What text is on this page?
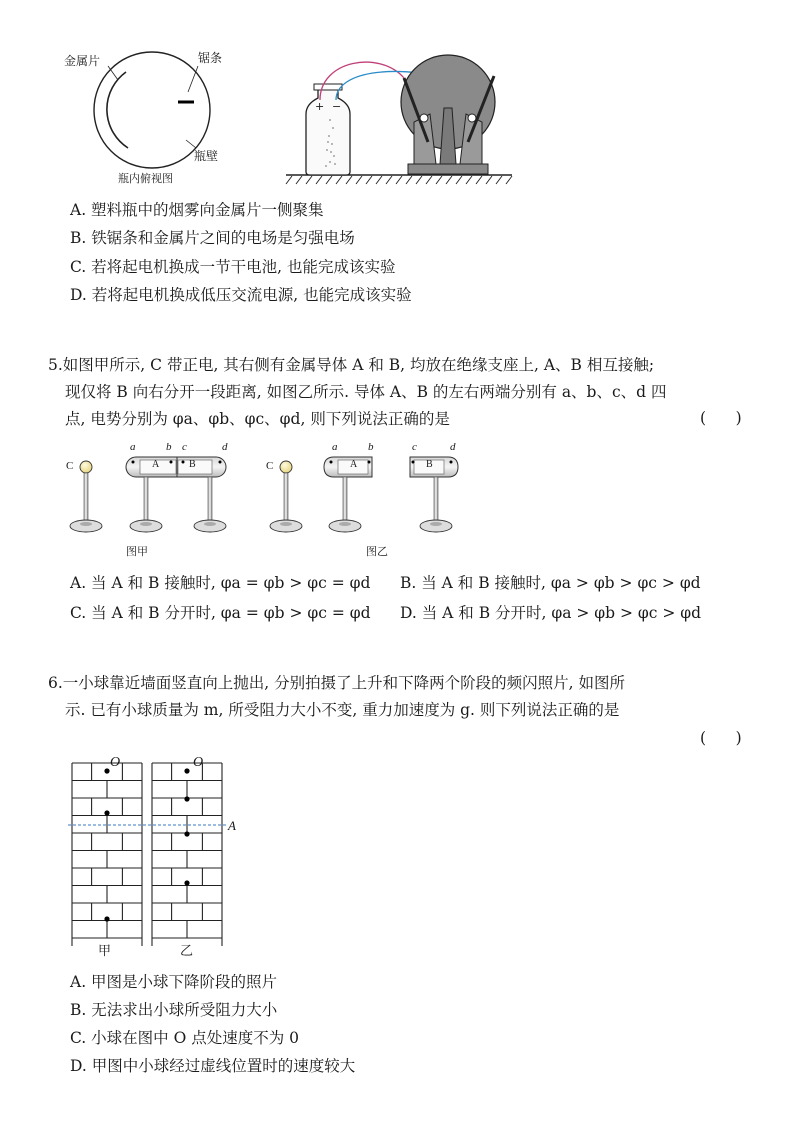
金属片	锯条
瓶壁
瓶内俯视图
+ −
A. 塑料瓶中的烟雾向金属片一侧聚集
B. 铁锯条和金属片之间的电场是匀强电场
C. 若将起电机换成一节干电池, 也能完成该实验
D. 若将起电机换成低压交流电源, 也能完成该实验
5.如图甲所示, C 带正电, 其右侧有金属导体 A 和 B, 均放在绝缘支座上, A、B 相互接触;
现仅将 B 向右分开一段距离, 如图乙所示. 导体 A、B 的左右两端分别有 a、b、c、d 四
点, 电势分别为 φa、φb、φc、φd, 则下列说法正确的是	(      )
C	A	B
a	b c	d
图甲
C	A	B
a	b	c	d
图乙
A. 当 A 和 B 接触时, φa = φb > φc = φd B. 当 A 和 B 接触时, φa > φb > φc > φd
C. 当 A 和 B 分开时, φa = φb > φc = φd D. 当 A 和 B 分开时, φa > φb > φc > φd
6.一小球靠近墙面竖直向上抛出, 分别拍摄了上升和下降两个阶段的频闪照片, 如图所
示. 已有小球质量为 m, 所受阻力大小不变, 重力加速度为 g. 则下列说法正确的是
(      )
O	O
A
甲	乙
A. 甲图是小球下降阶段的照片
B. 无法求出小球所受阻力大小
C. 小球在图中 O 点处速度不为 0
D. 甲图中小球经过虚线位置时的速度较大
